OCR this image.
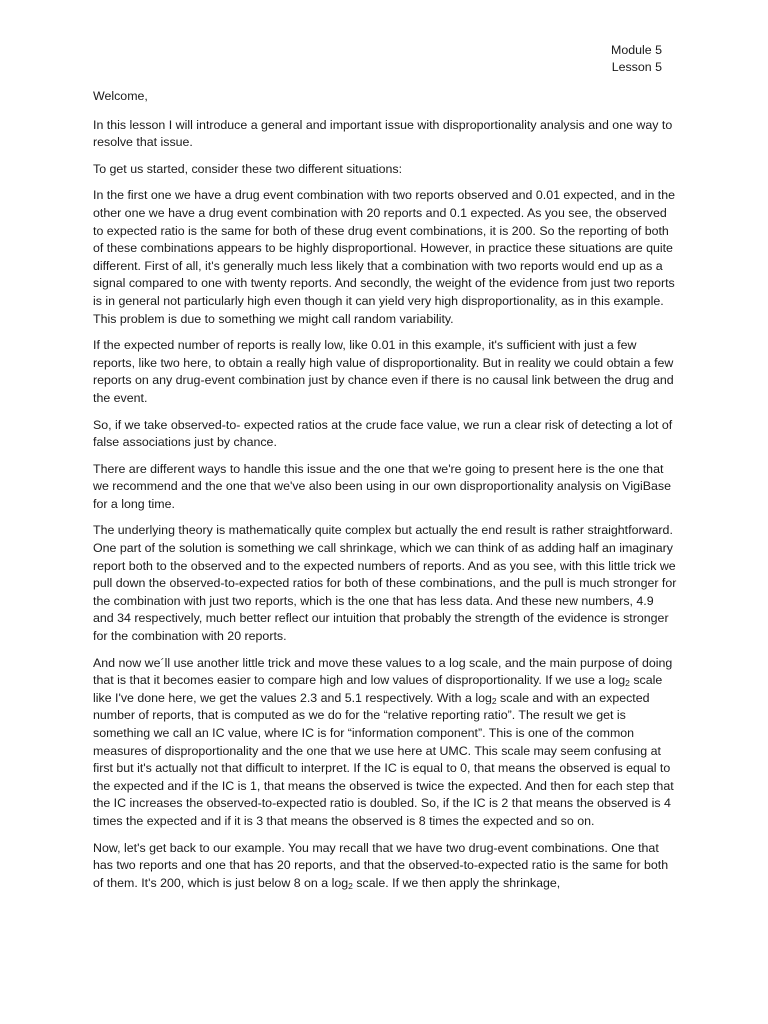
Module 5
Lesson 5

Welcome,

In this lesson I will introduce a general and important issue with disproportionality analysis and one way to resolve that issue.

To get us started, consider these two different situations:

In the first one we have a drug event combination with two reports observed and 0.01 expected, and in the other one we have a drug event combination with 20 reports and 0.1 expected. As you see, the observed to expected ratio is the same for both of these drug event combinations, it is 200. So the reporting of both of these combinations appears to be highly disproportional. However, in practice these situations are quite different. First of all, it's generally much less likely that a combination with two reports would end up as a signal compared to one with twenty reports. And secondly, the weight of the evidence from just two reports is in general not particularly high even though it can yield very high disproportionality, as in this example. This problem is due to something we might call random variability.

If the expected number of reports is really low, like 0.01 in this example, it's sufficient with just a few reports, like two here, to obtain a really high value of disproportionality. But in reality we could obtain a few reports on any drug-event combination just by chance even if there is no causal link between the drug and the event.

So, if we take observed-to- expected ratios at the crude face value, we run a clear risk of detecting a lot of false associations just by chance.

There are different ways to handle this issue and the one that we're going to present here is the one that we recommend and the one that we've also been using in our own disproportionality analysis on VigiBase for a long time.

The underlying theory is mathematically quite complex but actually the end result is rather straightforward. One part of the solution is something we call shrinkage, which we can think of as adding half an imaginary report both to the observed and to the expected numbers of reports. And as you see, with this little trick we pull down the observed-to-expected ratios for both of these combinations, and the pull is much stronger for the combination with just two reports, which is the one that has less data. And these new numbers, 4.9 and 34 respectively, much better reflect our intuition that probably the strength of the evidence is stronger for the combination with 20 reports.

And now we´ll use another little trick and move these values to a log scale, and the main purpose of doing that is that it becomes easier to compare high and low values of disproportionality. If we use a $\log_2$ scale like I've done here, we get the values 2.3 and 5.1 respectively. With a $\log_2$ scale and with an expected number of reports, that is computed as we do for the “relative reporting ratio”. The result we get is something we call an IC value, where IC is for “information component”. This is one of the common measures of disproportionality and the one that we use here at UMC. This scale may seem confusing at first but it's actually not that difficult to interpret. If the IC is equal to 0, that means the observed is equal to the expected and if the IC is 1, that means the observed is twice the expected. And then for each step that the IC increases the observed-to-expected ratio is doubled. So, if the IC is 2 that means the observed is 4 times the expected and if it is 3 that means the observed is 8 times the expected and so on.

Now, let's get back to our example. You may recall that we have two drug-event combinations. One that has two reports and one that has 20 reports, and that the observed-to-expected ratio is the same for both of them. It's 200, which is just below 8 on a $\log_2$ scale. If we then apply the shrinkage,
